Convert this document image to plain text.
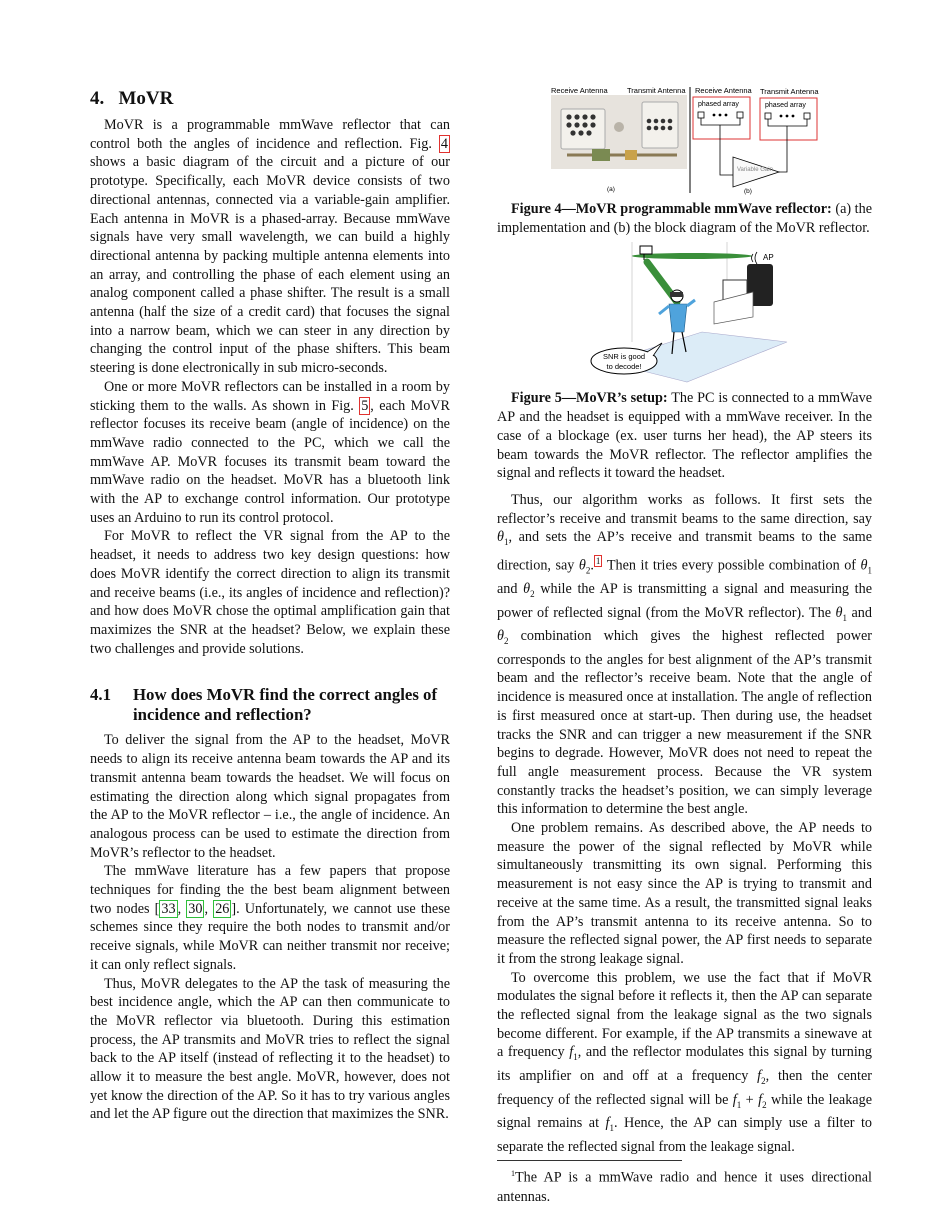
4. MoVR

MoVR is a programmable mmWave reflector that can control both the angles of incidence and reflection. Fig. 4 shows a basic diagram of the circuit and a picture of our prototype. Specifically, each MoVR device consists of two directional antennas, connected via a variable-gain amplifier. Each antenna in MoVR is a phased-array. Because mmWave signals have very small wavelength, we can build a highly directional antenna by packing multiple antenna elements into an array, and controlling the phase of each element using an analog component called a phase shifter. The result is a small antenna (half the size of a credit card) that focuses the signal into a narrow beam, which we can steer in any direction by changing the control input of the phase shifters. This beam steering is done electronically in sub micro-seconds.

One or more MoVR reflectors can be installed in a room by sticking them to the walls. As shown in Fig. 5 , each MoVR reflector focuses its receive beam (angle of incidence) on the mmWave radio connected to the PC, which we call the mmWave AP. MoVR focuses its transmit beam toward the mmWave radio on the headset. MoVR has a bluetooth link with the AP to exchange control information. Our prototype uses an Arduino to run its control protocol.

For MoVR to reflect the VR signal from the AP to the headset, it needs to address two key design questions: how does MoVR identify the correct direction to align its transmit and receive beams (i.e., its angles of incidence and reflection)? and how does MoVR chose the optimal amplification gain that maximizes the SNR at the headset? Below, we explain these two challenges and provide solutions.

4.1	How does MoVR find the correct angles of incidence and reflection?

To deliver the signal from the AP to the headset, MoVR needs to align its receive antenna beam towards the AP and its transmit antenna beam towards the headset. We will focus on estimating the direction along which signal propagates from the AP to the MoVR reflector – i.e., the angle of incidence. An analogous process can be used to estimate the direction from MoVR’s reflector to the headset.

The mmWave literature has a few papers that propose techniques for finding the the best beam alignment between two nodes [ 33 , 30 , 26 ]. Unfortunately, we cannot use these schemes since they require the both nodes to transmit and/or receive signals, while MoVR can neither transmit nor receive; it can only reflect signals.

Thus, MoVR delegates to the AP the task of measuring the best incidence angle, which the AP can then communicate to the MoVR reflector via bluetooth. During this estimation process, the AP transmits and MoVR tries to reflect the signal back to the AP itself (instead of reflecting it to the headset) to allow it to measure the best angle. MoVR, however, does not yet know the direction of the AP. So it has to try various angles and let the AP figure out the direction that maximizes the SNR.

Receive Antenna	Transmit Antenna
(a)
Receive Antenna Transmit Antenna
phased array	phased array
Variable Gain
(b)

Figure 4—MoVR programmable mmWave reflector: (a) the implementation and (b) the block diagram of the MoVR reflector.

AP
SNR is good
to decode!

Figure 5—MoVR’s setup: The PC is connected to a mmWave AP and the headset is equipped with a mmWave receiver. In the case of a blockage (ex. user turns her head), the AP steers its beam towards the MoVR reflector. The reflector amplifies the signal and reflects it toward the headset.

Thus, our algorithm works as follows. It first sets the reflector’s receive and transmit beams to the same direction, say $\theta_1$, and sets the AP’s receive and transmit beams to the same direction, say $\theta_2$. $^1$ Then it tries every possible combination of $\theta_1$ and $\theta_2$ while the AP is transmitting a signal and measuring the power of reflected signal (from the MoVR reflector). The $\theta_1$ and $\theta_2$ combination which gives the highest reflected power corresponds to the angles for best alignment of the AP’s transmit beam and the reflector’s receive beam. Note that the angle of incidence is measured once at installation. The angle of reflection is first measured once at start-up. Then during use, the headset tracks the SNR and can trigger a new measurement if the SNR begins to degrade. However, MoVR does not need to repeat the full angle measurement process. Because the VR system constantly tracks the headset’s position, we can simply leverage this information to determine the best angle.

One problem remains. As described above, the AP needs to measure the power of the signal reflected by MoVR while simultaneously transmitting its own signal. Performing this measurement is not easy since the AP is trying to transmit and receive at the same time. As a result, the transmitted signal leaks from the AP’s transmit antenna to its receive antenna. So to measure the reflected signal power, the AP first needs to separate it from the strong leakage signal.

To overcome this problem, we use the fact that if MoVR modulates the signal before it reflects it, then the AP can separate the reflected signal from the leakage signal as the two signals become different. For example, if the AP transmits a sinewave at a frequency $f_1$, and the reflector modulates this signal by turning its amplifier on and off at a frequency $f_2$, then the center frequency of the reflected signal will be $f_1 + f_2$ while the leakage signal remains at $f_1$. Hence, the AP can simply use a filter to separate the reflected signal from the leakage signal.

$^1$The AP is a mmWave radio and hence it uses directional antennas.
